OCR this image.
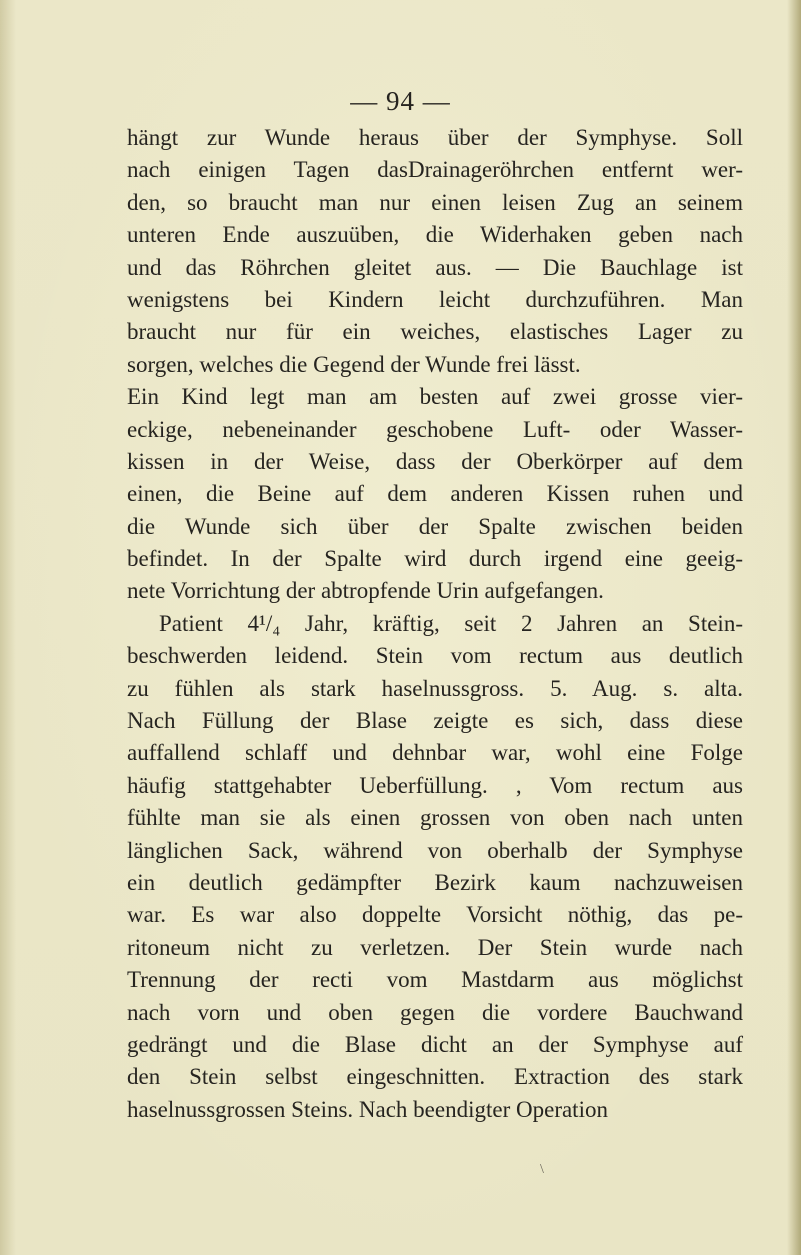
— 94 —
hängt zur Wunde heraus über der Symphyse. Soll
nach einigen Tagen dasDrainageröhrchen entfernt wer-
den, so braucht man nur einen leisen Zug an seinem
unteren Ende auszuüben, die Widerhaken geben nach
und das Röhrchen gleitet aus. — Die Bauchlage ist
wenigstens bei Kindern leicht durchzuführen. Man
braucht nur für ein weiches, elastisches Lager zu
sorgen, welches die Gegend der Wunde frei lässt.
Ein Kind legt man am besten auf zwei grosse vier-
eckige, nebeneinander geschobene Luft- oder Wasser-
kissen in der Weise, dass der Oberkörper auf dem
einen, die Beine auf dem anderen Kissen ruhen und
die Wunde sich über der Spalte zwischen beiden
befindet. In der Spalte wird durch irgend eine geeig-
nete Vorrichtung der abtropfende Urin aufgefangen.
Patient 4¹/₄ Jahr, kräftig, seit 2 Jahren an Stein-
beschwerden leidend. Stein vom rectum aus deutlich
zu fühlen als stark haselnussgross. 5. Aug. s. alta.
Nach Füllung der Blase zeigte es sich, dass diese
auffallend schlaff und dehnbar war, wohl eine Folge
häufig stattgehabter Ueberfüllung. , Vom rectum aus
fühlte man sie als einen grossen von oben nach unten
länglichen Sack, während von oberhalb der Symphyse
ein deutlich gedämpfter Bezirk kaum nachzuweisen
war. Es war also doppelte Vorsicht nöthig, das pe-
ritoneum nicht zu verletzen. Der Stein wurde nach
Trennung der recti vom Mastdarm aus möglichst
nach vorn und oben gegen die vordere Bauchwand
gedrängt und die Blase dicht an der Symphyse auf
den Stein selbst eingeschnitten. Extraction des stark
haselnussgrossen Steins. Nach beendigter Operation
\
